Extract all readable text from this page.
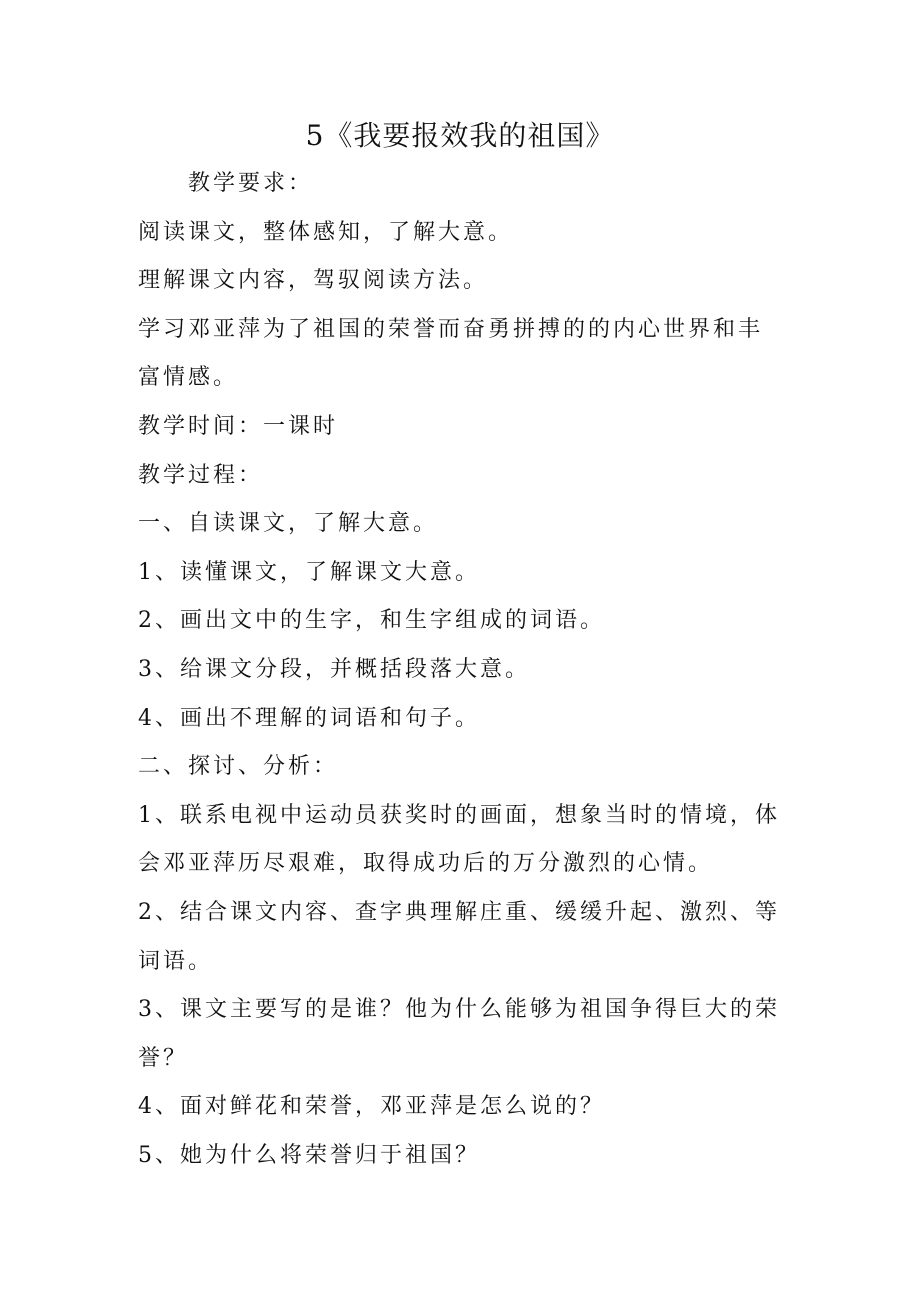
5《我要报效我的祖国》
教学要求：
阅读课文，整体感知，了解大意。
理解课文内容，驾驭阅读方法。
学习邓亚萍为了祖国的荣誉而奋勇拼搏的的内心世界和丰
富情感。
教学时间：一课时
教学过程：
一、自读课文，了解大意。
1、读懂课文，了解课文大意。
2、画出文中的生字，和生字组成的词语。
3、给课文分段，并概括段落大意。
4、画出不理解的词语和句子。
二、探讨、分析：
1、联系电视中运动员获奖时的画面，想象当时的情境，体
会邓亚萍历尽艰难，取得成功后的万分激烈的心情。
2、结合课文内容、查字典理解庄重、缓缓升起、激烈、等
词语。
3、课文主要写的是谁？他为什么能够为祖国争得巨大的荣
誉？
4、面对鲜花和荣誉，邓亚萍是怎么说的？
5、她为什么将荣誉归于祖国？
